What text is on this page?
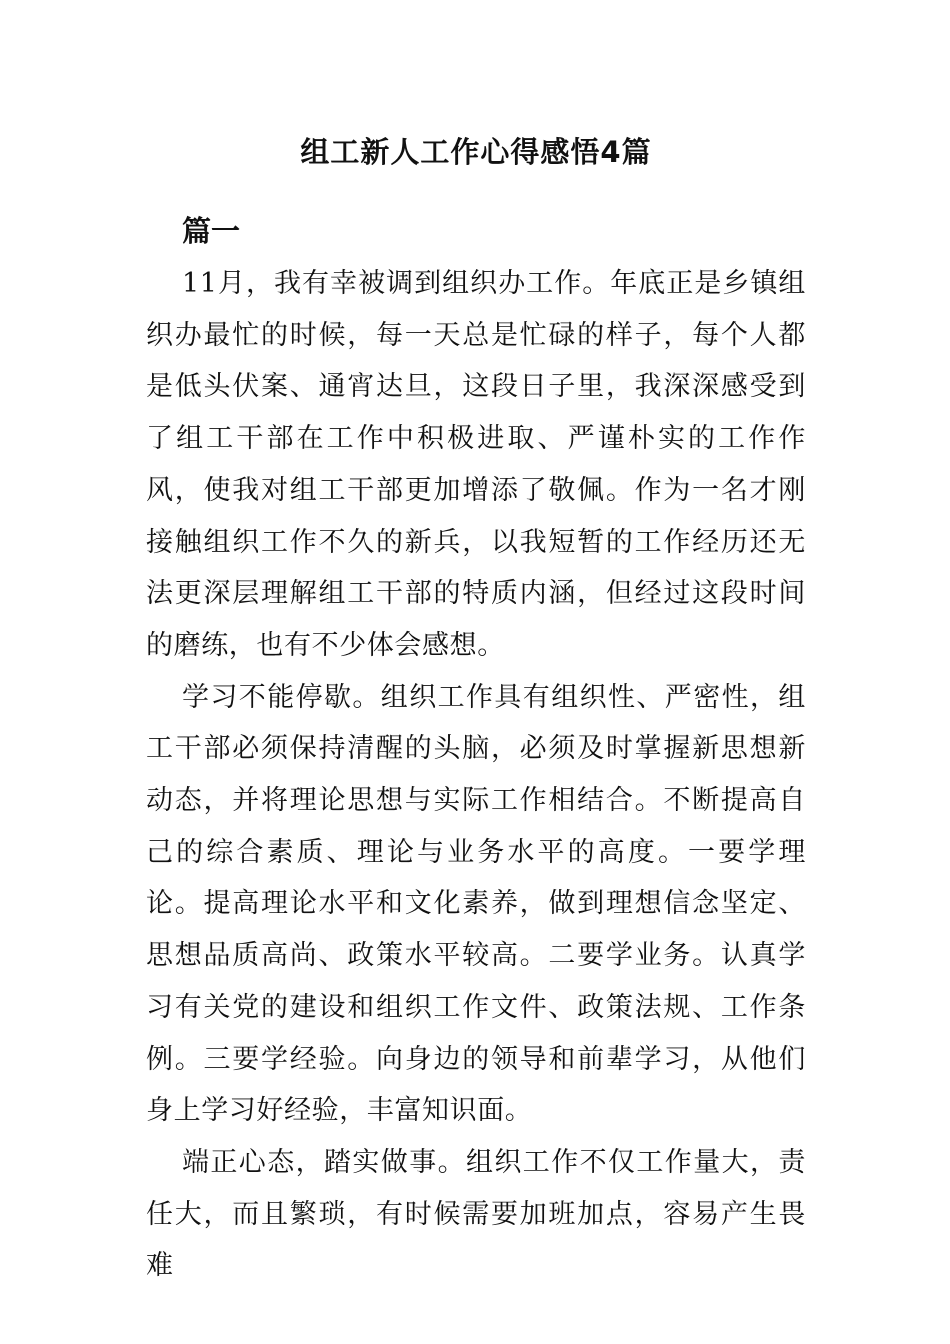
组工新人工作心得感悟4篇
篇一

11月，我有幸被调到组织办工作。年底正是乡镇组织办最忙的时候，每一天总是忙碌的样子，每个人都是低头伏案、通宵达旦，这段日子里，我深深感受到了组工干部在工作中积极进取、严谨朴实的工作作风，使我对组工干部更加增添了敬佩。作为一名才刚接触组织工作不久的新兵，以我短暂的工作经历还无法更深层理解组工干部的特质内涵，但经过这段时间的磨练，也有不少体会感想。

学习不能停歇。组织工作具有组织性、严密性，组工干部必须保持清醒的头脑，必须及时掌握新思想新动态，并将理论思想与实际工作相结合。不断提高自己的综合素质、理论与业务水平的高度。一要学理论。提高理论水平和文化素养，做到理想信念坚定、思想品质高尚、政策水平较高。二要学业务。认真学习有关党的建设和组织工作文件、政策法规、工作条例。三要学经验。向身边的领导和前辈学习，从他们身上学习好经验，丰富知识面。

端正心态，踏实做事。组织工作不仅工作量大，责任大，而且繁琐，有时候需要加班加点，容易产生畏难
